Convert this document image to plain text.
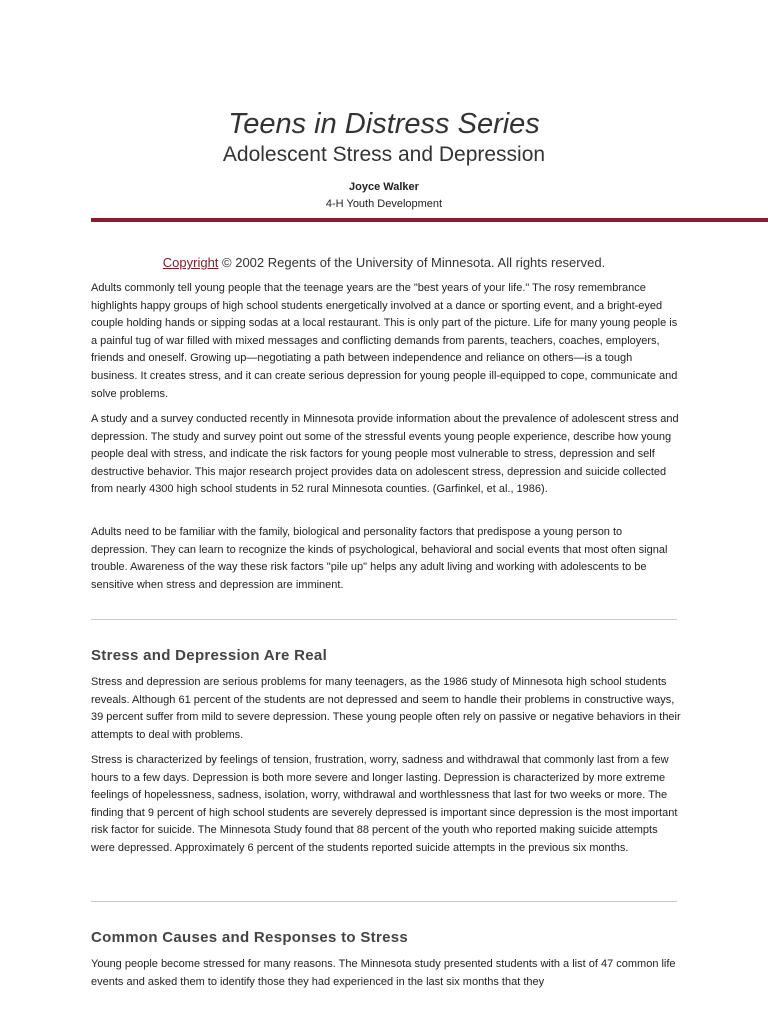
Teens in Distress Series
Adolescent Stress and Depression
Joyce Walker
4-H Youth Development
Copyright © 2002 Regents of the University of Minnesota. All rights reserved.

Adults commonly tell young people that the teenage years are the "best years of your life." The rosy remembrance highlights happy groups of high school students energetically involved at a dance or sporting event, and a bright-eyed couple holding hands or sipping sodas at a local restaurant. This is only part of the picture. Life for many young people is a painful tug of war filled with mixed messages and conflicting demands from parents, teachers, coaches, employers, friends and oneself. Growing up—negotiating a path between independence and reliance on others—is a tough business. It creates stress, and it can create serious depression for young people ill-equipped to cope, communicate and solve problems.

A study and a survey conducted recently in Minnesota provide information about the prevalence of adolescent stress and depression. The study and survey point out some of the stressful events young people experience, describe how young people deal with stress, and indicate the risk factors for young people most vulnerable to stress, depression and self destructive behavior. This major research project provides data on adolescent stress, depression and suicide collected from nearly 4300 high school students in 52 rural Minnesota counties. (Garfinkel, et al., 1986).

Adults need to be familiar with the family, biological and personality factors that predispose a young person to depression. They can learn to recognize the kinds of psychological, behavioral and social events that most often signal trouble. Awareness of the way these risk factors "pile up" helps any adult living and working with adolescents to be sensitive when stress and depression are imminent.

Stress and Depression Are Real

Stress and depression are serious problems for many teenagers, as the 1986 study of Minnesota high school students reveals. Although 61 percent of the students are not depressed and seem to handle their problems in constructive ways, 39 percent suffer from mild to severe depression. These young people often rely on passive or negative behaviors in their attempts to deal with problems.

Stress is characterized by feelings of tension, frustration, worry, sadness and withdrawal that commonly last from a few hours to a few days. Depression is both more severe and longer lasting. Depression is characterized by more extreme feelings of hopelessness, sadness, isolation, worry, withdrawal and worthlessness that last for two weeks or more. The finding that 9 percent of high school students are severely depressed is important since depression is the most important risk factor for suicide. The Minnesota Study found that 88 percent of the youth who reported making suicide attempts were depressed. Approximately 6 percent of the students reported suicide attempts in the previous six months.

Common Causes and Responses to Stress

Young people become stressed for many reasons. The Minnesota study presented students with a list of 47 common life events and asked them to identify those they had experienced in the last six months that they
